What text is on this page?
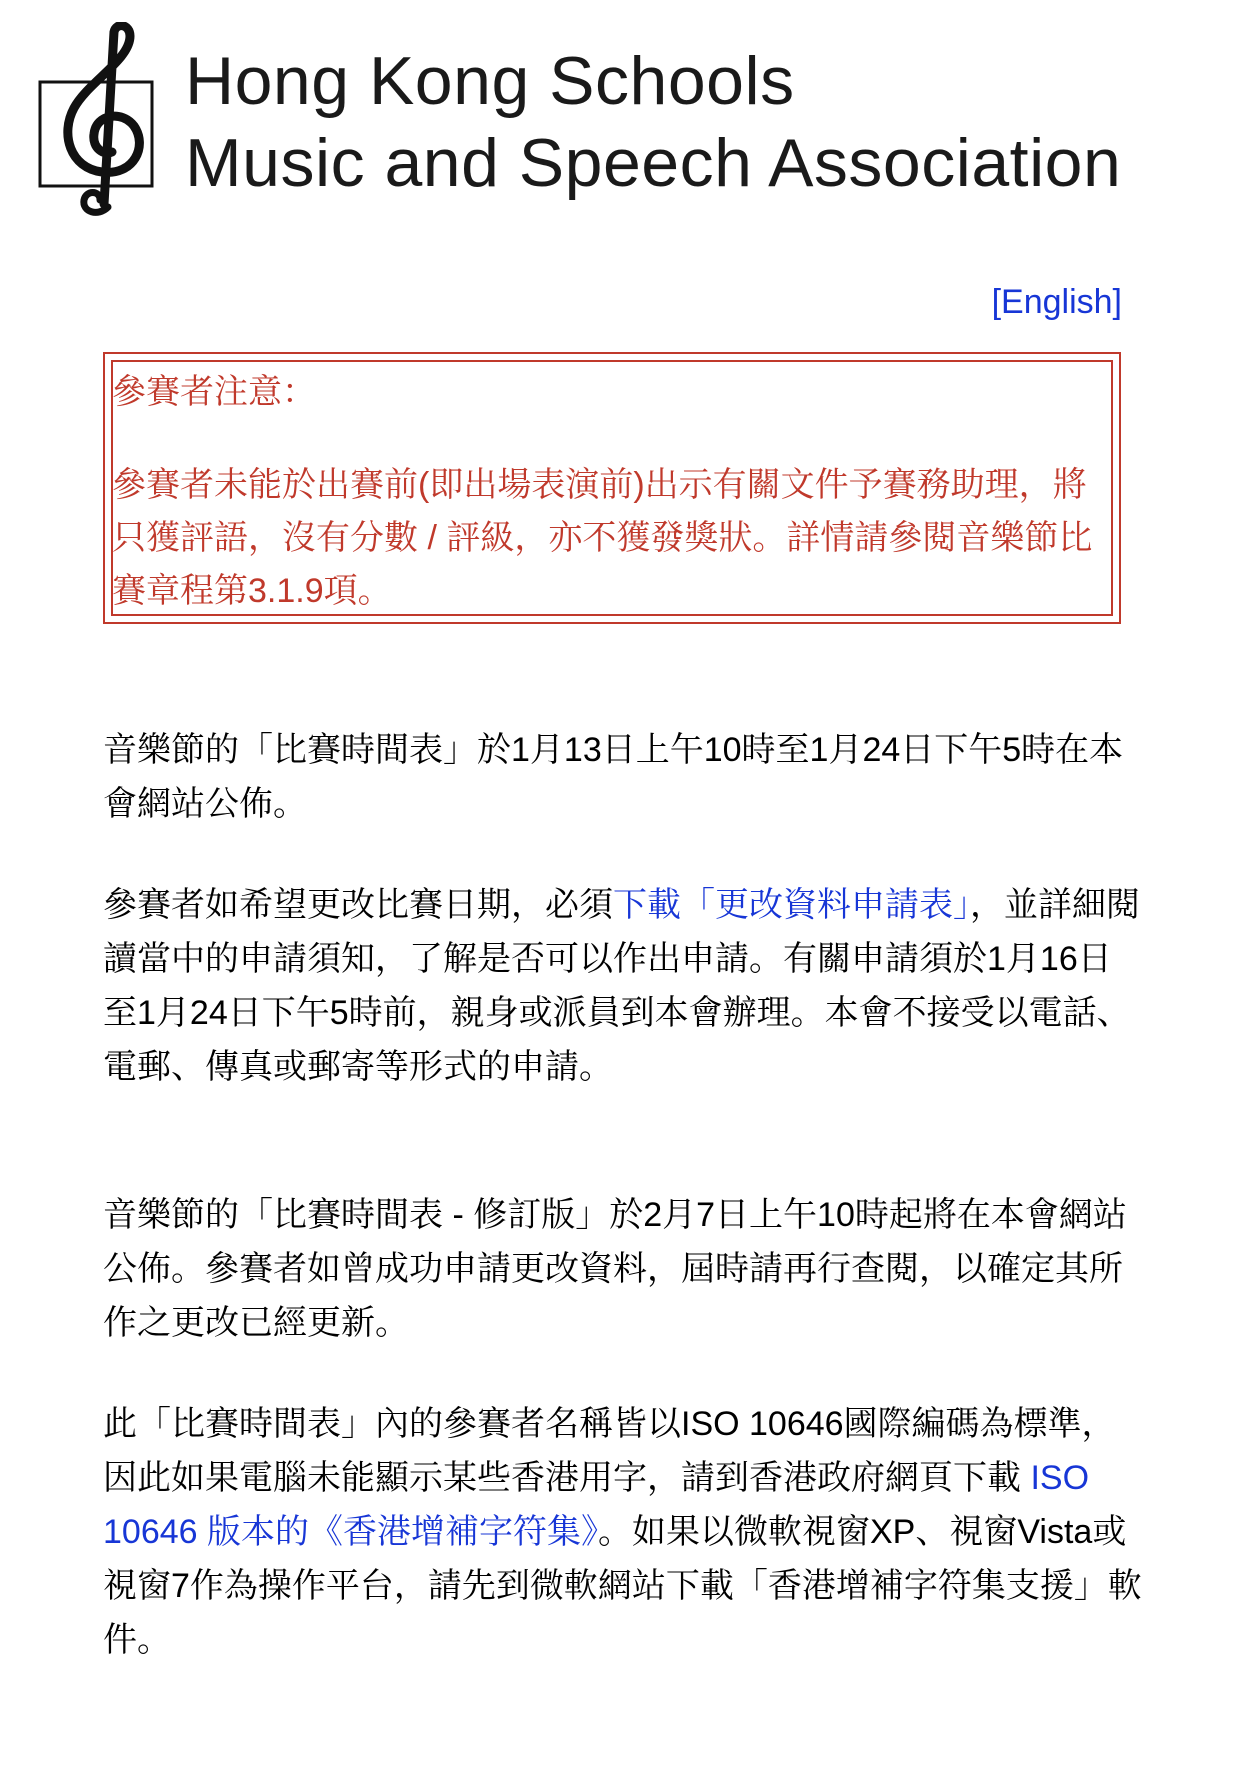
Hong Kong Schools
Music and Speech Association
[English]

參賽者注意：

參賽者未能於出賽前(即出場表演前)出示有關文件予賽務助理，將只獲評語，沒有分數 / 評級，亦不獲發獎狀。詳情請參閱音樂節比賽章程第3.1.9項。

音樂節的「比賽時間表」於1月13日上午10時至1月24日下午5時在本會網站公佈。

參賽者如希望更改比賽日期，必須下載「更改資料申請表」，並詳細閱讀當中的申請須知，了解是否可以作出申請。有關申請須於1月16日至1月24日下午5時前，親身或派員到本會辦理。本會不接受以電話、電郵、傳真或郵寄等形式的申請。

音樂節的「比賽時間表 - 修訂版」於2月7日上午10時起將在本會網站公佈。參賽者如曾成功申請更改資料，屆時請再行查閱，以確定其所作之更改已經更新。

此「比賽時間表」內的參賽者名稱皆以ISO 10646國際編碼為標準，因此如果電腦未能顯示某些香港用字，請到香港政府網頁下載 ISO 10646 版本的《香港增補字符集》。如果以微軟視窗XP、視窗Vista或視窗7作為操作平台，請先到微軟網站下載「香港增補字符集支援」軟件。
